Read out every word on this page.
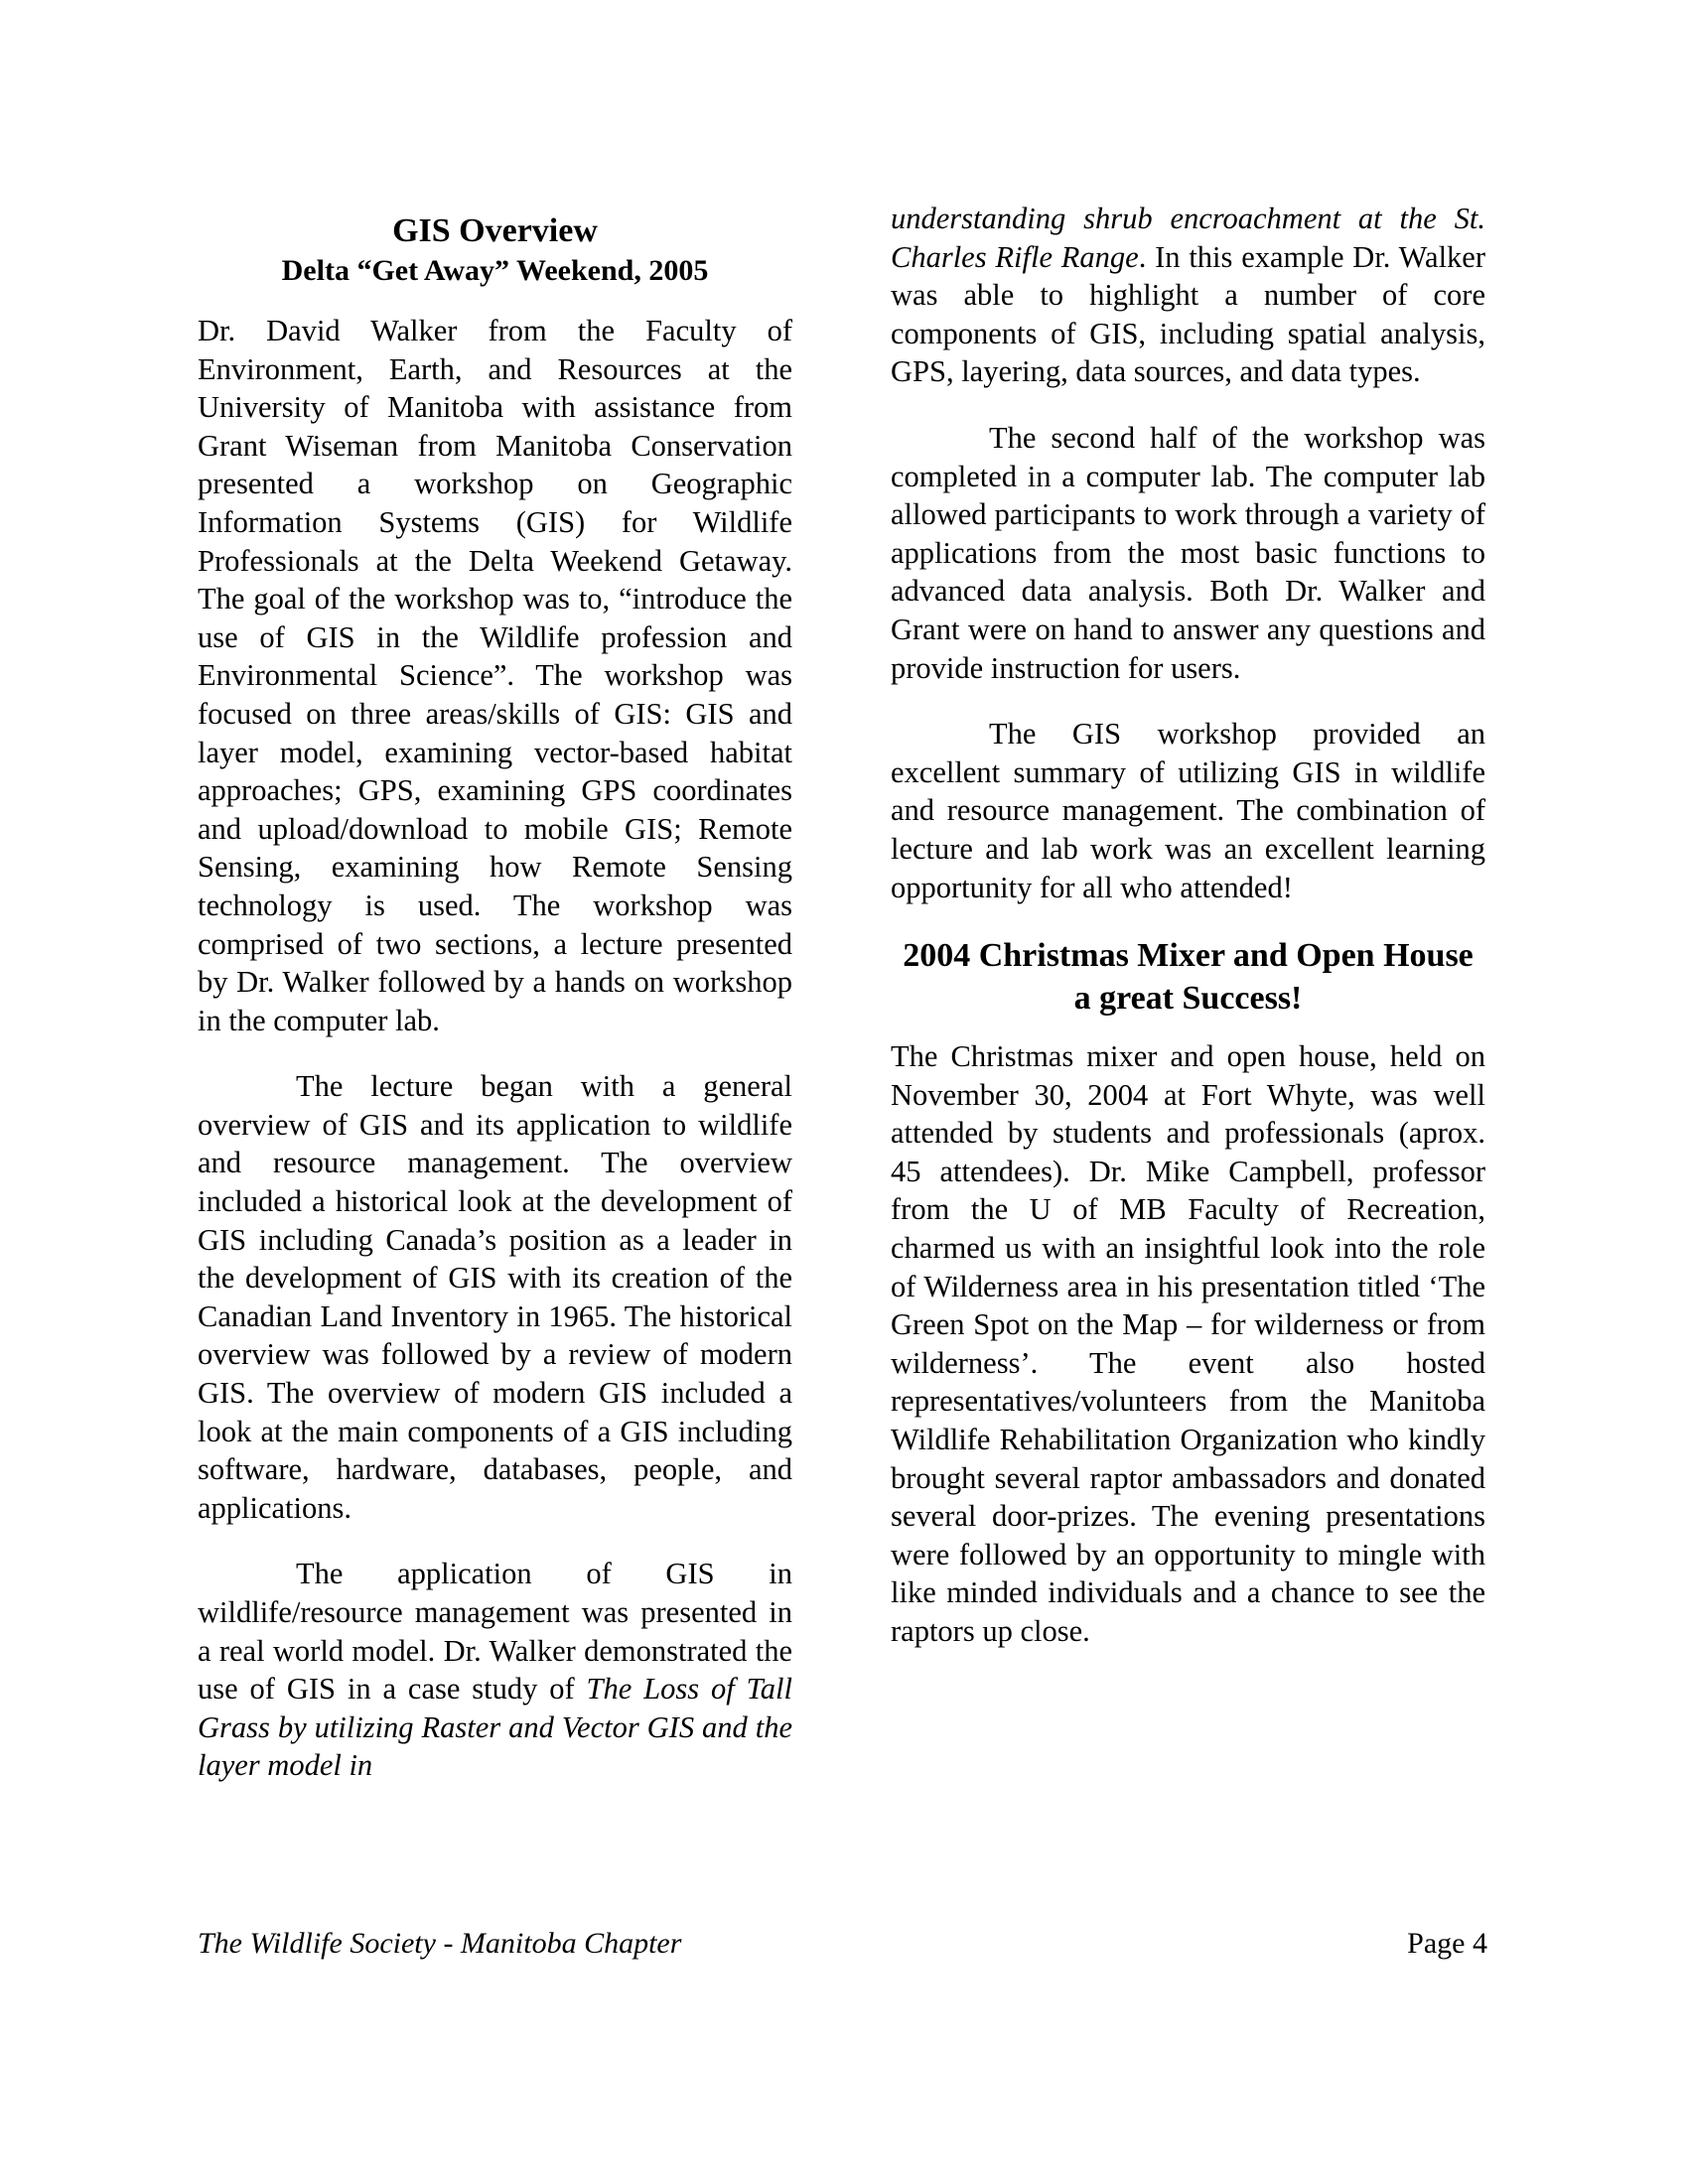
GIS Overview
Delta “Get Away” Weekend, 2005

Dr. David Walker from the Faculty of Environment, Earth, and Resources at the University of Manitoba with assistance from Grant Wiseman from Manitoba Conservation presented a workshop on Geographic Information Systems (GIS) for Wildlife Professionals at the Delta Weekend Getaway. The goal of the workshop was to, “introduce the use of GIS in the Wildlife profession and Environmental Science”. The workshop was focused on three areas/skills of GIS: GIS and layer model, examining vector-based habitat approaches; GPS, examining GPS coordinates and upload/download to mobile GIS; Remote Sensing, examining how Remote Sensing technology is used. The workshop was comprised of two sections, a lecture presented by Dr. Walker followed by a hands on workshop in the computer lab.

The lecture began with a general overview of GIS and its application to wildlife and resource management. The overview included a historical look at the development of GIS including Canada’s position as a leader in the development of GIS with its creation of the Canadian Land Inventory in 1965. The historical overview was followed by a review of modern GIS. The overview of modern GIS included a look at the main components of a GIS including software, hardware, databases, people, and applications.

The application of GIS in wildlife/resource management was presented in a real world model. Dr. Walker demonstrated the use of GIS in a case study of The Loss of Tall Grass by utilizing Raster and Vector GIS and the layer model in

understanding shrub encroachment at the St. Charles Rifle Range. In this example Dr. Walker was able to highlight a number of core components of GIS, including spatial analysis, GPS, layering, data sources, and data types.

The second half of the workshop was completed in a computer lab. The computer lab allowed participants to work through a variety of applications from the most basic functions to advanced data analysis. Both Dr. Walker and Grant were on hand to answer any questions and provide instruction for users.

The GIS workshop provided an excellent summary of utilizing GIS in wildlife and resource management. The combination of lecture and lab work was an excellent learning opportunity for all who attended!

2004 Christmas Mixer and Open House a great Success!

The Christmas mixer and open house, held on November 30, 2004 at Fort Whyte, was well attended by students and professionals (aprox. 45 attendees). Dr. Mike Campbell, professor from the U of MB Faculty of Recreation, charmed us with an insightful look into the role of Wilderness area in his presentation titled ‘The Green Spot on the Map – for wilderness or from wilderness’. The event also hosted representatives/volunteers from the Manitoba Wildlife Rehabilitation Organization who kindly brought several raptor ambassadors and donated several door-prizes. The evening presentations were followed by an opportunity to mingle with like minded individuals and a chance to see the raptors up close.

The Wildlife Society - Manitoba Chapter	Page 4
